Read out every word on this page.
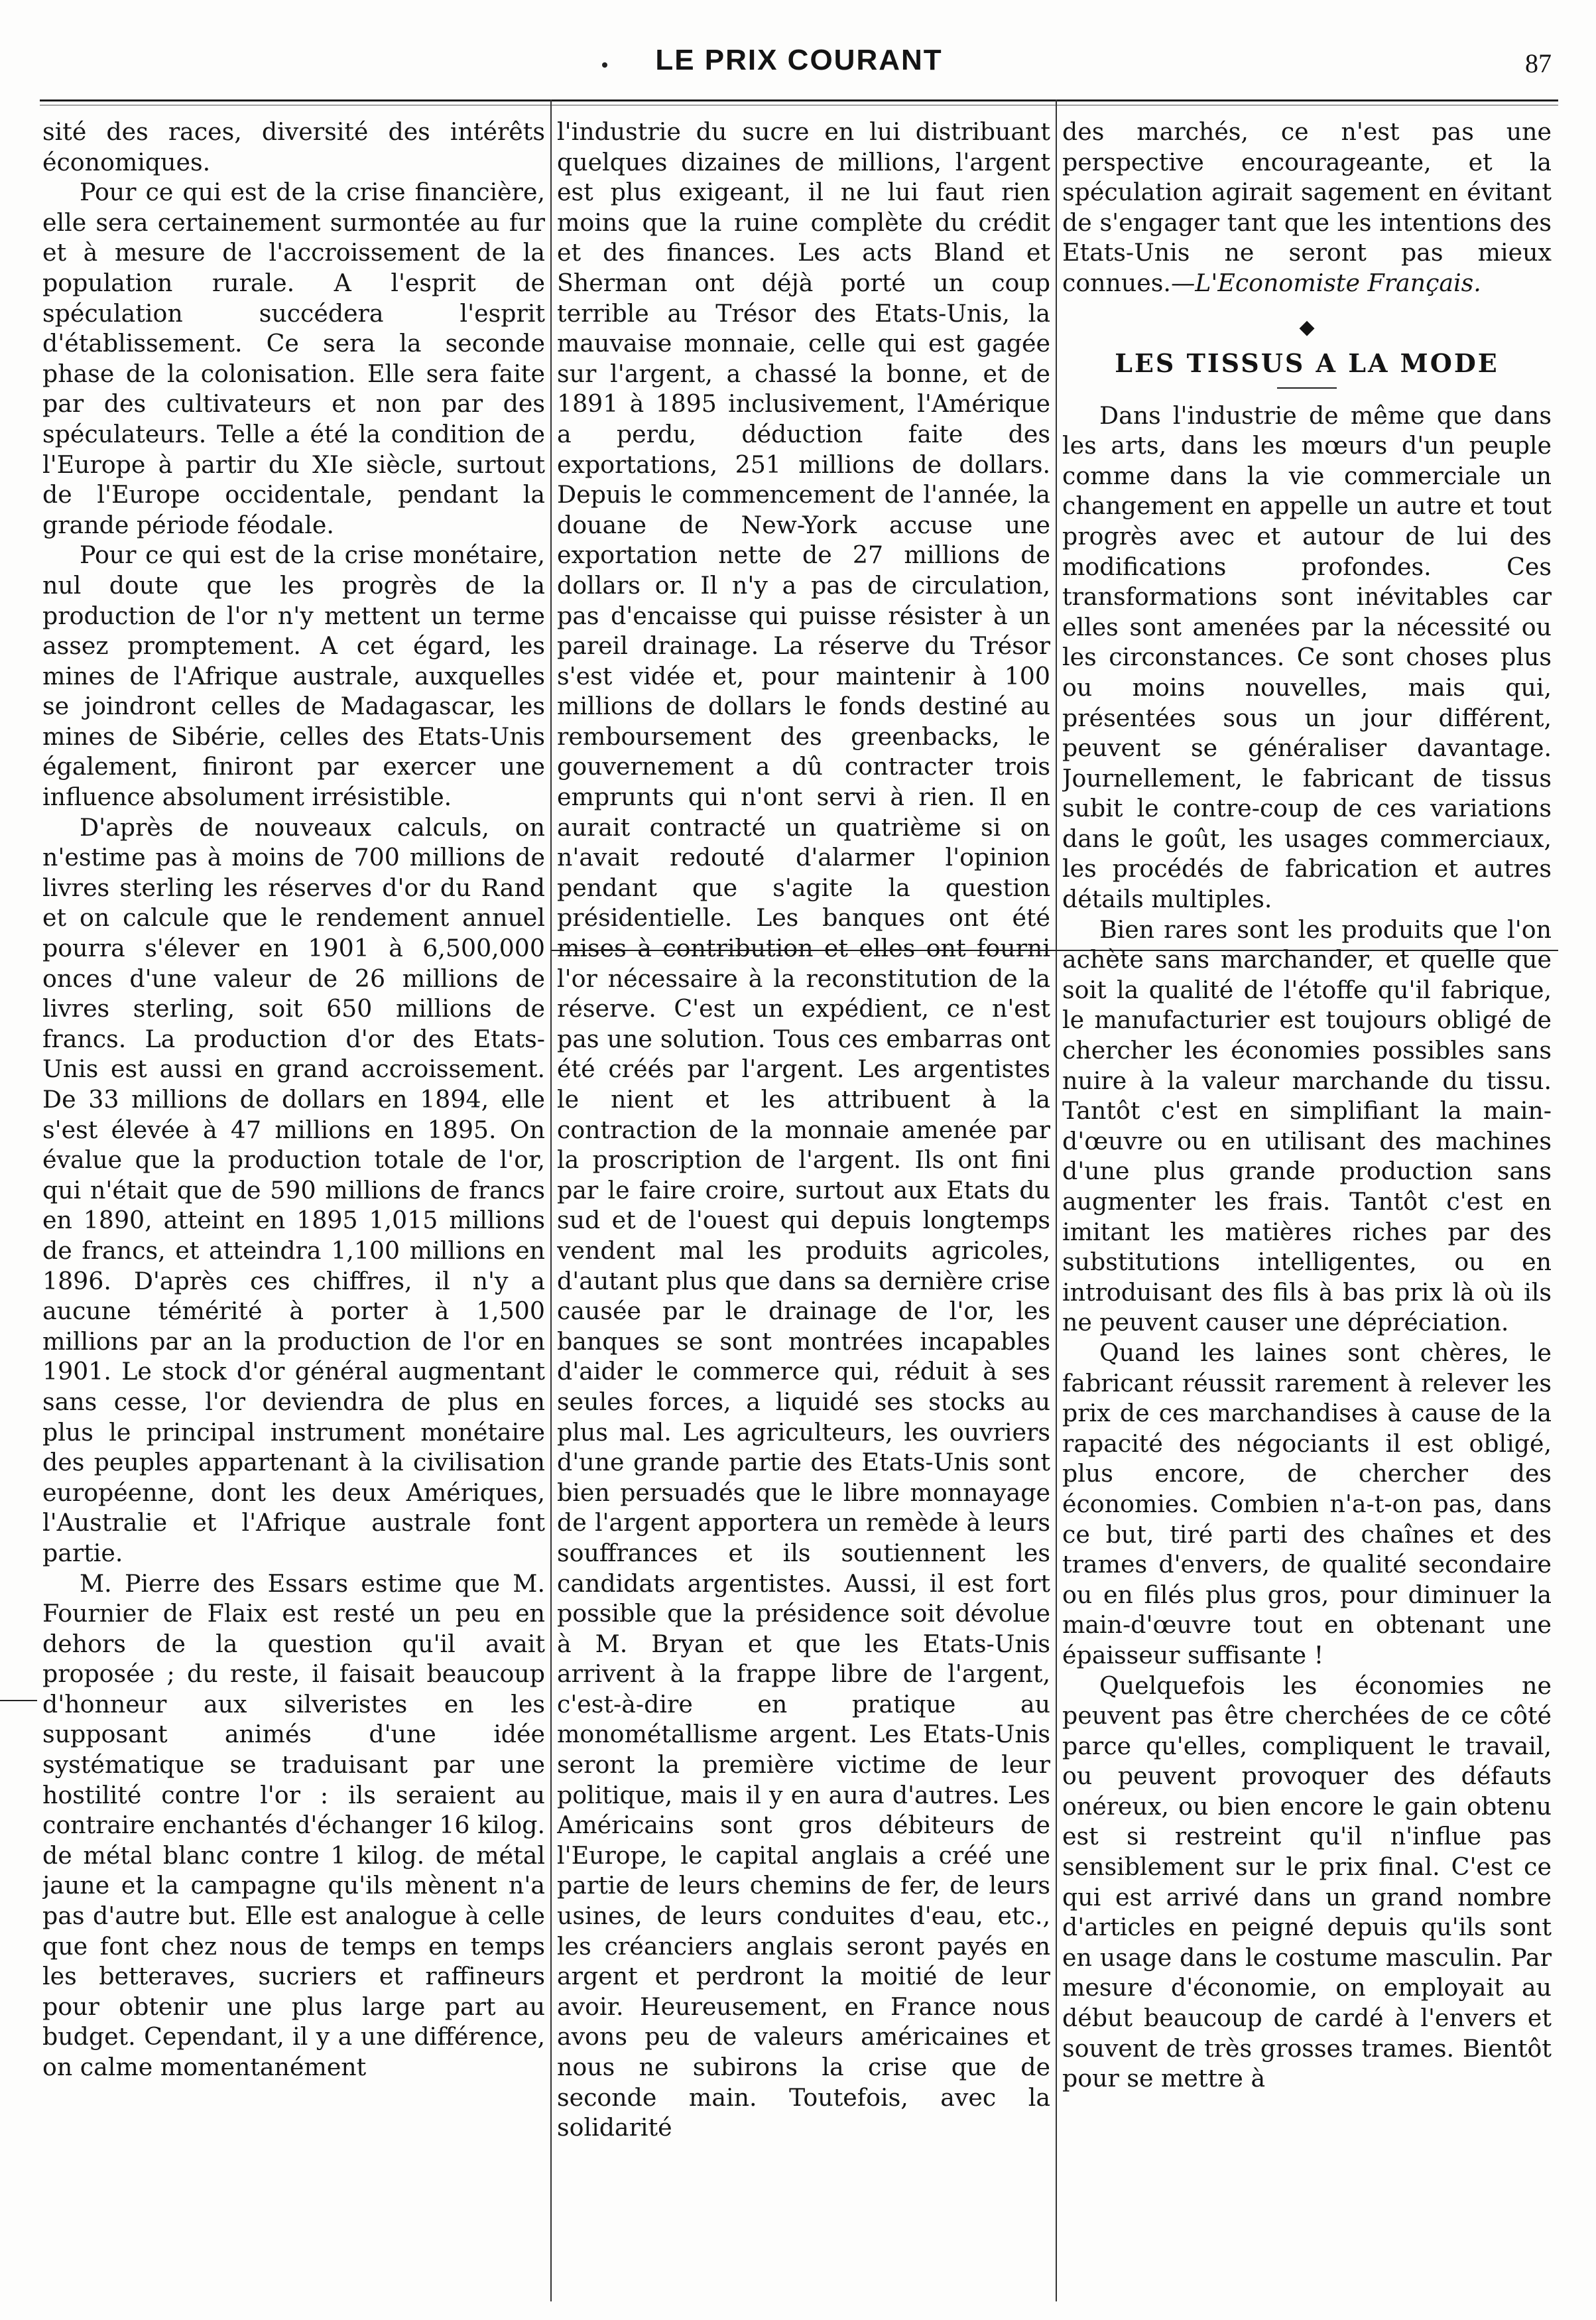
LE PRIX COURANT	87

sité des races, diversité des intérêts économiques.

Pour ce qui est de la crise financière, elle sera certainement surmontée au fur et à mesure de l'accroissement de la population rurale. A l'esprit de spéculation succédera l'esprit d'établissement. Ce sera la seconde phase de la colonisation. Elle sera faite par des cultivateurs et non par des spéculateurs. Telle a été la condition de l'Europe à partir du XIe siècle, surtout de l'Europe occidentale, pendant la grande période féodale.

Pour ce qui est de la crise monétaire, nul doute que les progrès de la production de l'or n'y mettent un terme assez promptement. A cet égard, les mines de l'Afrique australe, auxquelles se joindront celles de Madagascar, les mines de Sibérie, celles des Etats-Unis également, finiront par exercer une influence absolument irrésistible.

D'après de nouveaux calculs, on n'estime pas à moins de 700 millions de livres sterling les réserves d'or du Rand et on calcule que le rendement annuel pourra s'élever en 1901 à 6,500,000 onces d'une valeur de 26 millions de livres sterling, soit 650 millions de francs. La production d'or des Etats-Unis est aussi en grand accroissement. De 33 millions de dollars en 1894, elle s'est élevée à 47 millions en 1895. On évalue que la production totale de l'or, qui n'était que de 590 millions de francs en 1890, atteint en 1895 1,015 millions de francs, et atteindra 1,100 millions en 1896. D'après ces chiffres, il n'y a aucune témérité à porter à 1,500 millions par an la production de l'or en 1901. Le stock d'or général augmentant sans cesse, l'or deviendra de plus en plus le principal instrument monétaire des peuples appartenant à la civilisation européenne, dont les deux Amériques, l'Australie et l'Afrique australe font partie.

M. Pierre des Essars estime que M. Fournier de Flaix est resté un peu en dehors de la question qu'il avait proposée ; du reste, il faisait beaucoup d'honneur aux silveristes en les supposant animés d'une idée systématique se traduisant par une hostilité contre l'or : ils seraient au contraire enchantés d'échanger 16 kilog. de métal blanc contre 1 kilog. de métal jaune et la campagne qu'ils mènent n'a pas d'autre but. Elle est analogue à celle que font chez nous de temps en temps les betteraves, sucriers et raffineurs pour obtenir une plus large part au budget. Cependant, il y a une différence, on calme momentanément

l'industrie du sucre en lui distribuant quelques dizaines de millions, l'argent est plus exigeant, il ne lui faut rien moins que la ruine complète du crédit et des finances. Les acts Bland et Sherman ont déjà porté un coup terrible au Trésor des Etats-Unis, la mauvaise monnaie, celle qui est gagée sur l'argent, a chassé la bonne, et de 1891 à 1895 inclusivement, l'Amérique a perdu, déduction faite des exportations, 251 millions de dollars. Depuis le commencement de l'année, la douane de New-York accuse une exportation nette de 27 millions de dollars or. Il n'y a pas de circulation, pas d'encaisse qui puisse résister à un pareil drainage. La réserve du Trésor s'est vidée et, pour maintenir à 100 millions de dollars le fonds destiné au remboursement des greenbacks, le gouvernement a dû contracter trois emprunts qui n'ont servi à rien. Il en aurait contracté un quatrième si on n'avait redouté d'alarmer l'opinion pendant que s'agite la question présidentielle. Les banques ont été mises à contribution et elles ont fourni l'or nécessaire à la reconstitution de la réserve. C'est un expédient, ce n'est pas une solution. Tous ces embarras ont été créés par l'argent. Les argentistes le nient et les attribuent à la contraction de la monnaie amenée par la proscription de l'argent. Ils ont fini par le faire croire, surtout aux Etats du sud et de l'ouest qui depuis longtemps vendent mal les produits agricoles, d'autant plus que dans sa dernière crise causée par le drainage de l'or, les banques se sont montrées incapables d'aider le commerce qui, réduit à ses seules forces, a liquidé ses stocks au plus mal. Les agriculteurs, les ouvriers d'une grande partie des Etats-Unis sont bien persuadés que le libre monnayage de l'argent apportera un remède à leurs souffrances et ils soutiennent les candidats argentistes. Aussi, il est fort possible que la présidence soit dévolue à M. Bryan et que les Etats-Unis arrivent à la frappe libre de l'argent, c'est-à-dire en pratique au monométallisme argent. Les Etats-Unis seront la première victime de leur politique, mais il y en aura d'autres. Les Américains sont gros débiteurs de l'Europe, le capital anglais a créé une partie de leurs chemins de fer, de leurs usines, de leurs conduites d'eau, etc., les créanciers anglais seront payés en argent et perdront la moitié de leur avoir. Heureusement, en France nous avons peu de valeurs américaines et nous ne subirons la crise que de seconde main. Toutefois, avec la solidarité

des marchés, ce n'est pas une perspective encourageante, et la spéculation agirait sagement en évitant de s'engager tant que les intentions des Etats-Unis ne seront pas mieux connues.—L'Economiste Français.

◆
LES TISSUS A LA MODE

Dans l'industrie de même que dans les arts, dans les mœurs d'un peuple comme dans la vie commerciale un changement en appelle un autre et tout progrès avec et autour de lui des modifications profondes. Ces transformations sont inévitables car elles sont amenées par la nécessité ou les circonstances. Ce sont choses plus ou moins nouvelles, mais qui, présentées sous un jour différent, peuvent se généraliser davantage. Journellement, le fabricant de tissus subit le contre-coup de ces variations dans le goût, les usages commerciaux, les procédés de fabrication et autres détails multiples.

Bien rares sont les produits que l'on achète sans marchander, et quelle que soit la qualité de l'étoffe qu'il fabrique, le manufacturier est toujours obligé de chercher les économies possibles sans nuire à la valeur marchande du tissu. Tantôt c'est en simplifiant la main-d'œuvre ou en utilisant des machines d'une plus grande production sans augmenter les frais. Tantôt c'est en imitant les matières riches par des substitutions intelligentes, ou en introduisant des fils à bas prix là où ils ne peuvent causer une dépréciation.

Quand les laines sont chères, le fabricant réussit rarement à relever les prix de ces marchandises à cause de la rapacité des négociants il est obligé, plus encore, de chercher des économies. Combien n'a-t-on pas, dans ce but, tiré parti des chaînes et des trames d'envers, de qualité secondaire ou en filés plus gros, pour diminuer la main-d'œuvre tout en obtenant une épaisseur suffisante !

Quelquefois les économies ne peuvent pas être cherchées de ce côté parce qu'elles, compliquent le travail, ou peuvent provoquer des défauts onéreux, ou bien encore le gain obtenu est si restreint qu'il n'influe pas sensiblement sur le prix final. C'est ce qui est arrivé dans un grand nombre d'articles en peigné depuis qu'ils sont en usage dans le costume masculin. Par mesure d'économie, on employait au début beaucoup de cardé à l'envers et souvent de très grosses trames. Bientôt pour se mettre à
